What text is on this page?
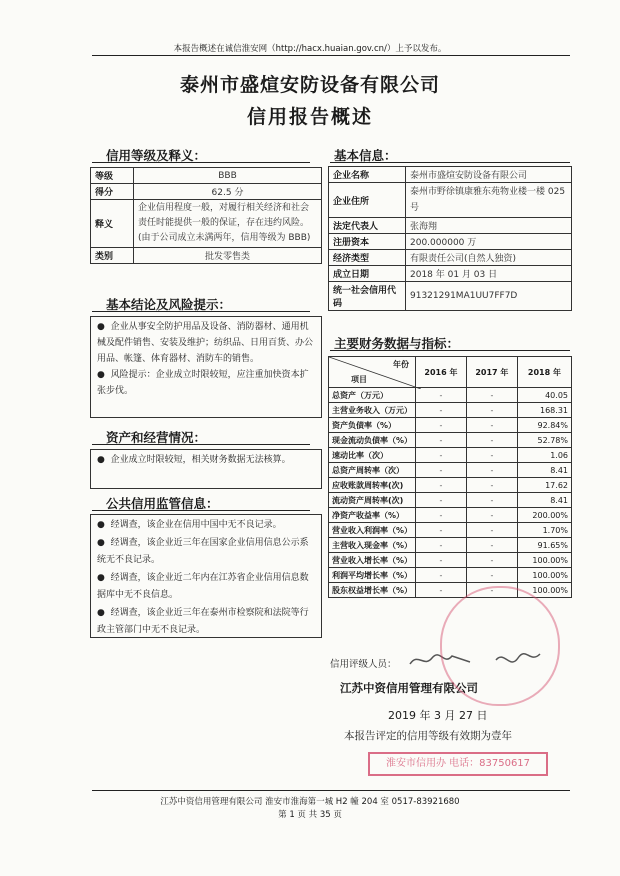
本报告概述在诚信淮安网（http://hacx.huaian.gov.cn/）上予以发布。
泰州市盛煊安防设备有限公司
信用报告概述
信用等级及释义：
等级	BBB
得分	62.5 分
释义	企业信用程度一般，对履行相关经济和社会责任时能提供一般的保证，存在违约风险。(由于公司成立未满两年，信用等级为 BBB)
类别	批发零售类
基本结论及风险提示：

●  企业从事安全防护用品及设备、消防器材、通用机械及配件销售、安装及维护；纺织品、日用百货、办公用品、帐篷、体育器材、消防车的销售。

●  风险提示：企业成立时限较短，应注重加快资本扩张步伐。

资产和经营情况：

●  企业成立时限较短，相关财务数据无法核算。

公共信用监管信息：

●  经调查，该企业在信用中国中无不良记录。

●  经调查，该企业近三年在国家企业信用信息公示系统无不良记录。

●  经调查，该企业近二年内在江苏省企业信用信息数据库中无不良信息。

●  经调查，该企业近三年在泰州市检察院和法院等行政主管部门中无不良记录。

基本信息：
企业名称	泰州市盛煊安防设备有限公司
企业住所	泰州市野徐镇康雅东苑物业楼一楼 025 号
法定代表人	张海翔
注册资本	200.000000 万
经济类型	有限责任公司(自然人独资)
成立日期	2018 年 01 月 03 日
统一社会信用代码	91321291MA1UU7FF7D
主要财务数据与指标：
年份
项目	2016 年	2017 年	2018 年
总资产（万元）	-	-	40.05
主营业务收入（万元）	-	-	168.31
资产负债率（%）	-	-	92.84%
现金流动负债率（%）	-	-	52.78%
速动比率（次）	-	-	1.06
总资产周转率（次）	-	-	8.41
应收账款周转率(次)	-	-	17.62
流动资产周转率(次)	-	-	8.41
净资产收益率（%）	-	-	200.00%
营业收入利润率（%）	-	-	1.70%
主营收入现金率（%）	-	-	91.65%
营业收入增长率（%）	-	-	100.00%
利润平均增长率（%）	-	-	100.00%
股东权益增长率（%）	-	-	100.00%
信用评级人员：
江苏中资信用管理有限公司
2019 年 3 月 27 日
本报告评定的信用等级有效期为壹年
淮安市信用办 电话：83750617
江苏中资信用管理有限公司 淮安市淮海第一城 H2 幢 204 室 0517-83921680
第 1 页 共 35 页
